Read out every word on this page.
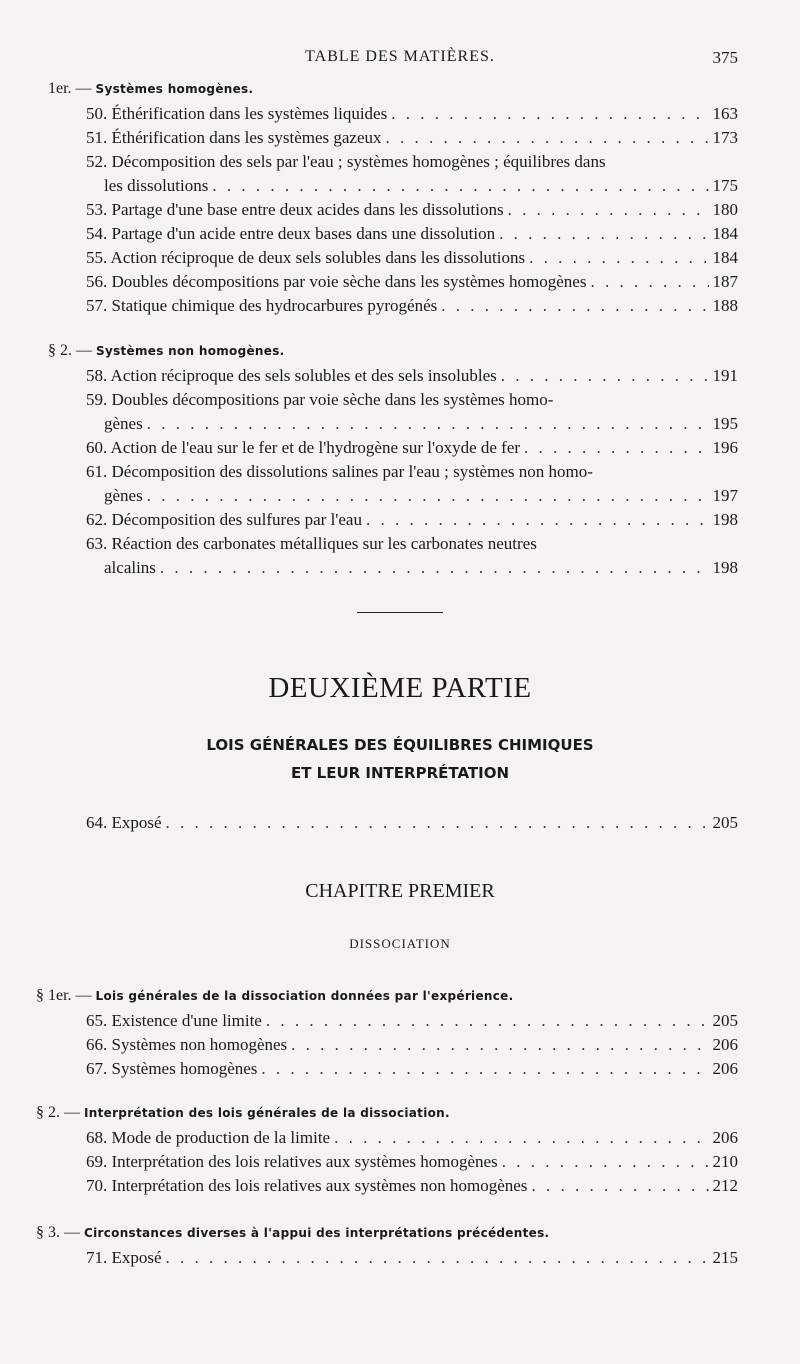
TABLE DES MATIÈRES.	375
1er. — Systèmes homogènes.
50. Éthérification dans les systèmes liquides . . .	163
51. Éthérification dans les systèmes gazeux . . .	173
52. Décomposition des sels par l'eau ; systèmes homogènes ; équilibres dans
les dissolutions . . .	175
53. Partage d'une base entre deux acides dans les dissolutions . . .	180
54. Partage d'un acide entre deux bases dans une dissolution . . .	184
55. Action réciproque de deux sels solubles dans les dissolutions . . .	184
56. Doubles décompositions par voie sèche dans les systèmes homogènes . . .	187
57. Statique chimique des hydrocarbures pyrogénés . . .	188
§ 2. — Systèmes non homogènes.
58. Action réciproque des sels solubles et des sels insolubles . . .	191
59. Doubles décompositions par voie sèche dans les systèmes homo-
gènes . . .	195
60. Action de l'eau sur le fer et de l'hydrogène sur l'oxyde de fer . . .	196
61. Décomposition des dissolutions salines par l'eau ; systèmes non homo-
gènes . . .	197
62. Décomposition des sulfures par l'eau . . .	198
63. Réaction des carbonates métalliques sur les carbonates neutres
alcalins . . .	198
DEUXIÈME PARTIE
LOIS GÉNÉRALES DES ÉQUILIBRES CHIMIQUES
ET LEUR INTERPRÉTATION
64. Exposé . . .	205
CHAPITRE PREMIER
DISSOCIATION
§ 1er. — Lois générales de la dissociation données par l'expérience.
65. Existence d'une limite . . .	205
66. Systèmes non homogènes . . .	206
67. Systèmes homogènes . . .	206
§ 2. — Interprétation des lois générales de la dissociation.
68. Mode de production de la limite . . .	206
69. Interprétation des lois relatives aux systèmes homogènes . . .	210
70. Interprétation des lois relatives aux systèmes non homogènes . . .	212
§ 3. — Circonstances diverses à l'appui des interprétations précédentes.
71. Exposé . . .	215
